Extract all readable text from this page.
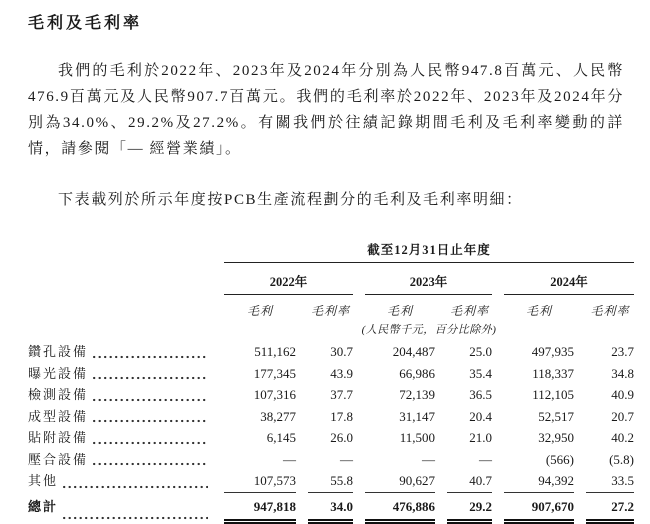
毛利及毛利率
我們的毛利於2022年、2023年及2024年分別為人民幣947.8百萬元、人民幣476.9百萬元及人民幣907.7百萬元。我們的毛利率於2022年、2023年及2024年分別為34.0%、29.2%及27.2%。有關我們於往績記錄期間毛利及毛利率變動的詳情，請參閱「— 經營業績」。
下表載列於所示年度按PCB生產流程劃分的毛利及毛利率明細：
截至12月31日止年度
2022年	2023年	2024年
毛利	毛利率	毛利	毛利率	毛利	毛利率
(人民幣千元，百分比除外)
鑽孔設備	511,162	30.7	204,487	25.0	497,935	23.7
曝光設備	177,345	43.9	66,986	35.4	118,337	34.8
檢測設備	107,316	37.7	72,139	36.5	112,105	40.9
成型設備	38,277	17.8	31,147	20.4	52,517	20.7
貼附設備	6,145	26.0	11,500	21.0	32,950	40.2
壓合設備	—	—	—	—	(566)	(5.8)
其他	107,573	55.8	90,627	40.7	94,392	33.5
總計	947,818	34.0	476,886	29.2	907,670	27.2
